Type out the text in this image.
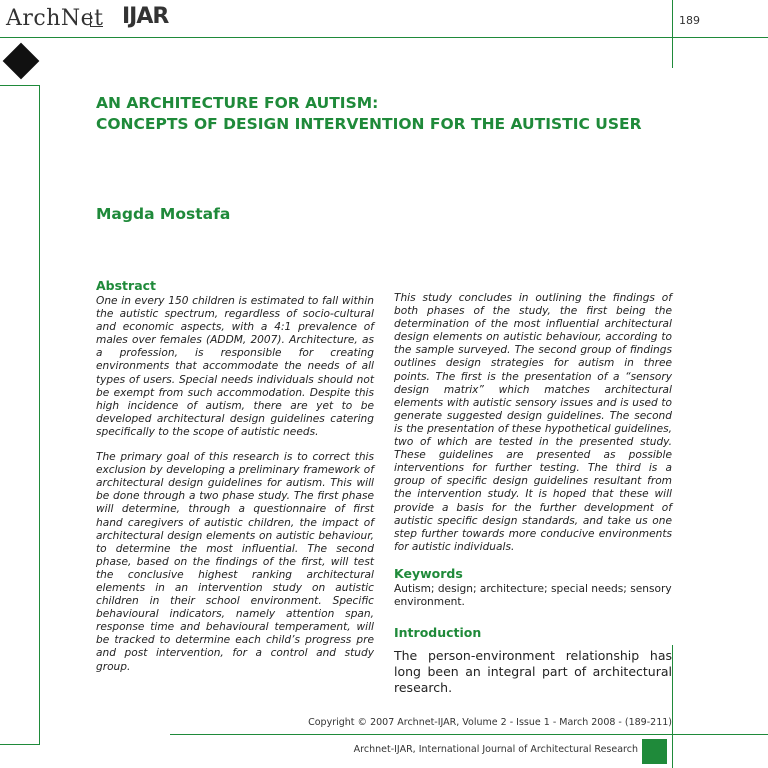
ArchNet IJAR	189
AN ARCHITECTURE FOR AUTISM:
CONCEPTS OF DESIGN INTERVENTION FOR THE AUTISTIC USER
Magda Mostafa
Abstract

One in every 150 children is estimated to fall within the autistic spectrum, regardless of socio-cultural and economic aspects, with a 4:1 prevalence of males over females (ADDM, 2007). Architecture, as a profession, is responsible for creating environments that accommodate the needs of all types of users. Special needs individuals should not be exempt from such accommodation. Despite this high incidence of autism, there are yet to be developed architectural design guidelines catering specifically to the scope of autistic needs.

The primary goal of this research is to correct this exclusion by developing a preliminary framework of architectural design guidelines for autism. This will be done through a two phase study. The first phase will determine, through a questionnaire of first hand caregivers of autistic children, the impact of architectural design elements on autistic behaviour, to determine the most influential. The second phase, based on the findings of the first, will test the conclusive highest ranking architectural elements in an intervention study on autistic children in their school environment. Specific behavioural indicators, namely attention span, response time and behavioural temperament, will be tracked to determine each child’s progress pre and post intervention, for a control and study group.

This study concludes in outlining the findings of both phases of the study, the first being the determination of the most influential architectural design elements on autistic behaviour, according to the sample surveyed. The second group of findings outlines design strategies for autism in three points. The first is the presentation of a “sensory design matrix” which matches architectural elements with autistic sensory issues and is used to generate suggested design guidelines. The second is the presentation of these hypothetical guidelines, two of which are tested in the presented study. These guidelines are presented as possible interventions for further testing. The third is a group of specific design guidelines resultant from the intervention study. It is hoped that these will provide a basis for the further development of autistic specific design standards, and take us one step further towards more conducive environments for autistic individuals.

Keywords

Autism; design; architecture; special needs; sensory environment.

Introduction

The person-environment relationship has long been an integral part of architectural research.

Copyright © 2007 Archnet-IJAR, Volume 2 - Issue 1 - March 2008 - (189-211)
Archnet-IJAR, International Journal of Architectural Research
